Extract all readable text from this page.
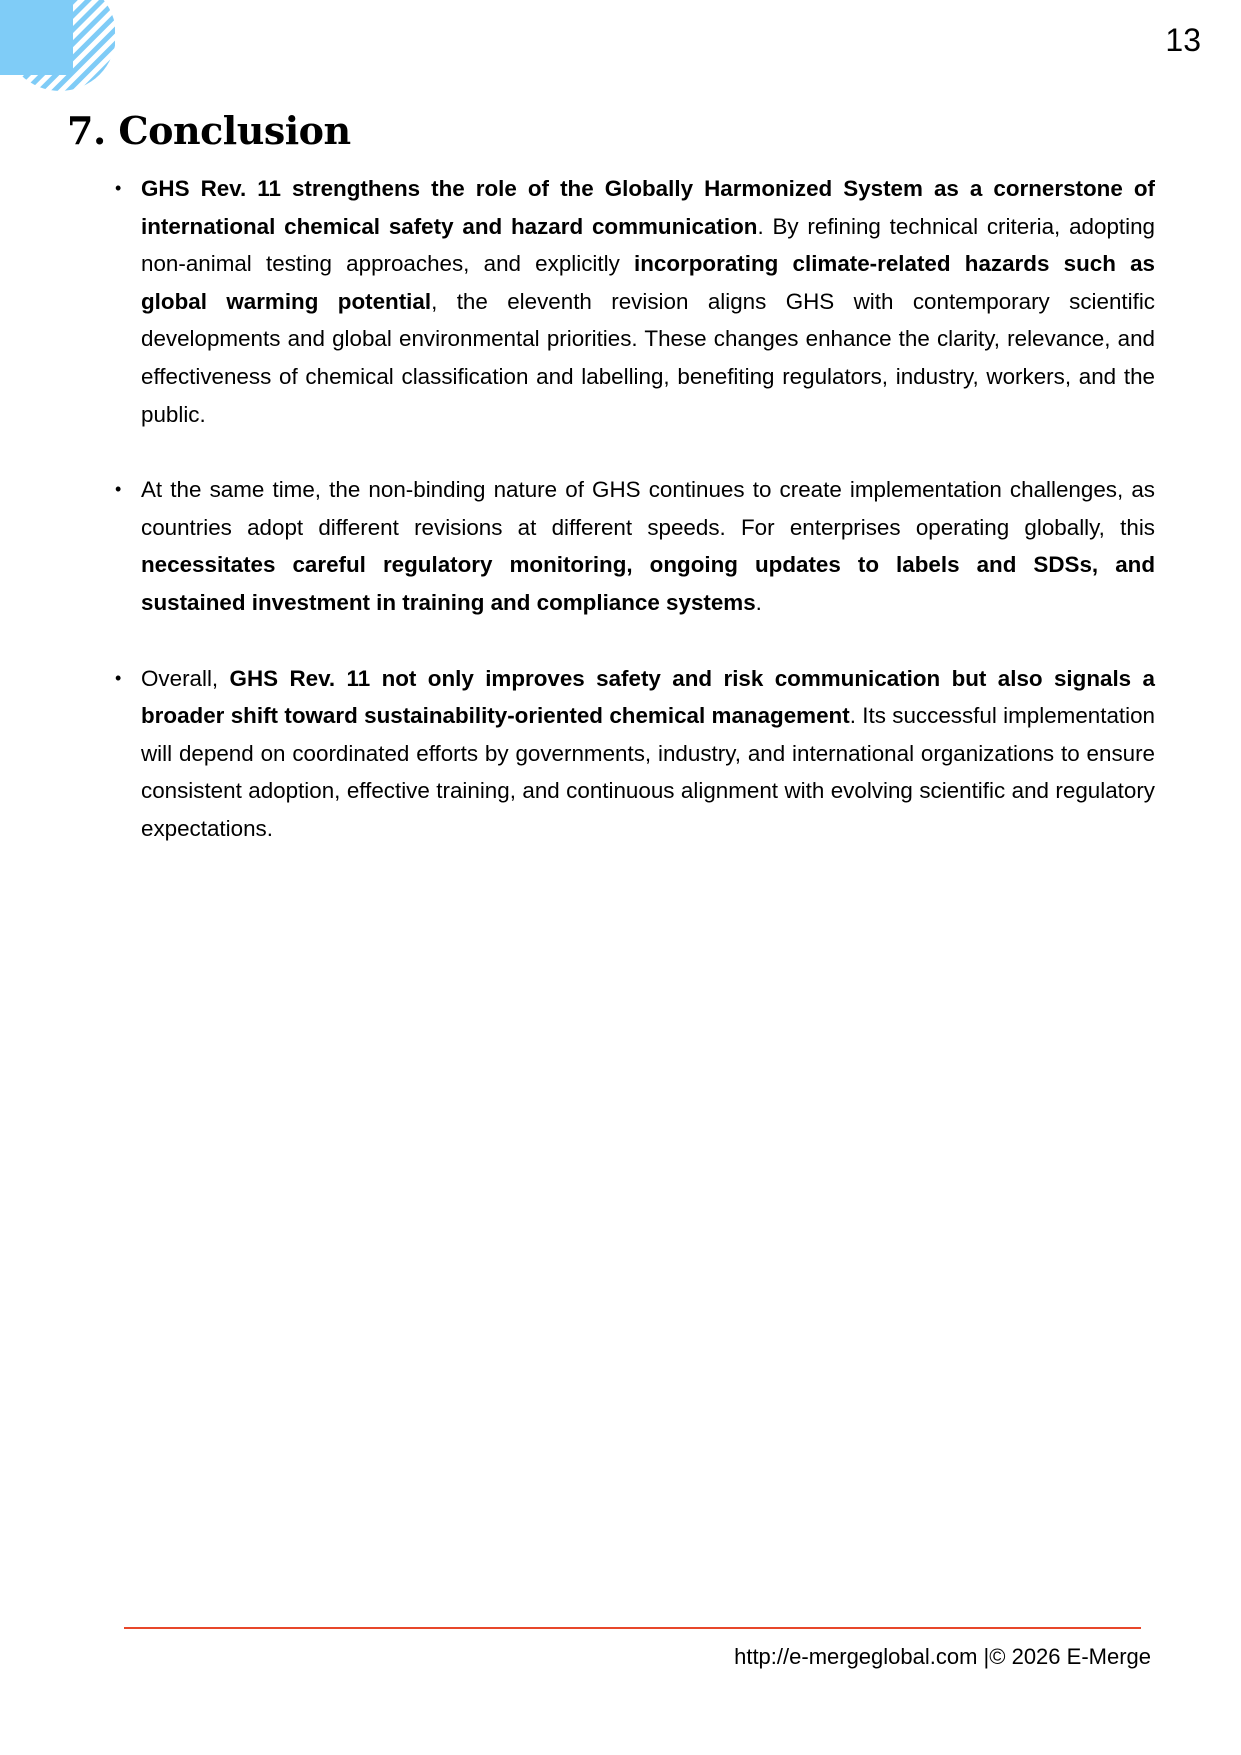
13
7. Conclusion
• GHS Rev. 11 strengthens the role of the Globally Harmonized System as a cornerstone of international chemical safety and hazard communication. By refining technical criteria, adopting non-animal testing approaches, and explicitly incorporating climate-related hazards such as global warming potential, the eleventh revision aligns GHS with contemporary scientific developments and global environmental priorities. These changes enhance the clarity, relevance, and effectiveness of chemical classification and labelling, benefiting regulators, industry, workers, and the public.
• At the same time, the non-binding nature of GHS continues to create implementation challenges, as countries adopt different revisions at different speeds. For enterprises operating globally, this necessitates careful regulatory monitoring, ongoing updates to labels and SDSs, and sustained investment in training and compliance systems.
• Overall, GHS Rev. 11 not only improves safety and risk communication but also signals a broader shift toward sustainability-oriented chemical management. Its successful implementation will depend on coordinated efforts by governments, industry, and international organizations to ensure consistent adoption, effective training, and continuous alignment with evolving scientific and regulatory expectations.
http://e-mergeglobal.com |© 2026 E-Merge
